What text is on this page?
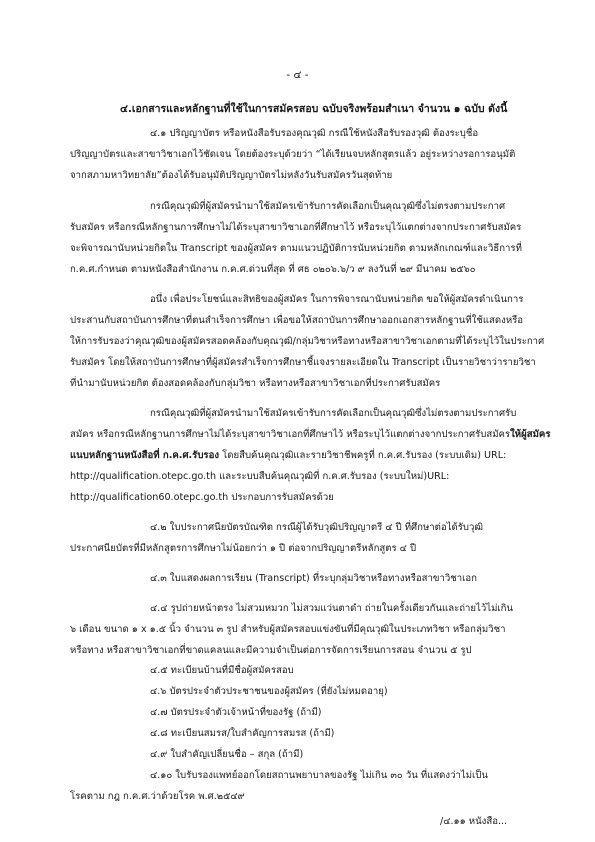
- ๔ -
๔.เอกสารและหลักฐานที่ใช้ในการสมัครสอบ ฉบับจริงพร้อมสำเนา จำนวน ๑ ฉบับ ดังนี้
๔.๑ ปริญญาบัตร หรือหนังสือรับรองคุณวุฒิ กรณีใช้หนังสือรับรองวุฒิ ต้องระบุชื่อ
ปริญญาบัตรและสาขาวิชาเอกไว้ชัดเจน โดยต้องระบุด้วยว่า “ได้เรียนจบหลักสูตรแล้ว อยู่ระหว่างรอการอนุมัติ
จากสภามหาวิทยาลัย”ต้องได้รับอนุมัติปริญญาบัตรไม่หลังวันรับสมัครวันสุดท้าย
กรณีคุณวุฒิที่ผู้สมัครนำมาใช้สมัครเข้ารับการคัดเลือกเป็นคุณวุฒิซึ่งไม่ตรงตามประกาศ
รับสมัคร หรือกรณีหลักฐานการศึกษาไม่ได้ระบุสาขาวิชาเอกที่ศึกษาไว้ หรือระบุไว้แตกต่างจากประกาศรับสมัคร
จะพิจารณานับหน่วยกิตใน Transcript ของผู้สมัคร ตามแนวปฏิบัติการนับหน่วยกิต ตามหลักเกณฑ์และวิธีการที่
ก.ค.ศ.กำหนด ตามหนังสือสำนักงาน ก.ค.ศ.ด่วนที่สุด ที่ ศธ ๐๒๐๖.๖/ว ๙ ลงวันที่ ๒๙ มีนาคม ๒๕๖๐
อนึ่ง เพื่อประโยชน์และสิทธิของผู้สมัคร ในการพิจารณานับหน่วยกิต ขอให้ผู้สมัครดำเนินการ
ประสานกับสถาบันการศึกษาที่ตนสำเร็จการศึกษา เพื่อขอให้สถาบันการศึกษาออกเอกสารหลักฐานที่ใช้แสดงหรือ
ให้การรับรองว่าคุณวุฒิของผู้สมัครสอดคล้องกับคุณวุฒิ/กลุ่มวิชาหรือทางหรือสาขาวิชาเอกตามที่ได้ระบุไว้ในประกาศ
รับสมัคร โดยให้สถาบันการศึกษาที่ผู้สมัครสำเร็จการศึกษาชี้แจงรายละเอียดใน Transcript เป็นรายวิชาว่ารายวิชา
ที่นำมานับหน่วยกิต ต้องสอดคล้องกับกลุ่มวิชา หรือทางหรือสาขาวิชาเอกที่ประกาศรับสมัคร
กรณีคุณวุฒิที่ผู้สมัครนำมาใช้สมัครเข้ารับการคัดเลือกเป็นคุณวุฒิซึ่งไม่ตรงตามประกาศรับ
สมัคร หรือกรณีหลักฐานการศึกษาไม่ได้ระบุสาขาวิชาเอกที่ศึกษาไว้ หรือระบุไว้แตกต่างจากประกาศรับสมัครให้ผู้สมัคร
แนบหลักฐานหนังสือที่ ก.ค.ศ.รับรอง โดยสืบค้นคุณวุฒิและรายวิชาชีพครูที่ ก.ค.ศ.รับรอง (ระบบเดิม) URL:
http://qualification.otepc.go.th และระบบสืบค้นคุณวุฒิที่ ก.ค.ศ.รับรอง (ระบบใหม่)URL:
http://qualification60.otepc.go.th ประกอบการรับสมัครด้วย
๔.๒ ใบประกาศนียบัตรบัณฑิต กรณีผู้ได้รับวุฒิปริญญาตรี ๔ ปี ที่ศึกษาต่อได้รับวุฒิ
ประกาศนียบัตรที่มีหลักสูตรการศึกษาไม่น้อยกว่า ๑ ปี ต่อจากปริญญาตรีหลักสูตร ๔ ปี
๔.๓ ใบแสดงผลการเรียน (Transcript) ที่ระบุกลุ่มวิชาหรือทางหรือสาขาวิชาเอก
๔.๔ รูปถ่ายหน้าตรง ไม่สวมหมวก ไม่สวมแว่นตาดำ ถ่ายในครั้งเดียวกันและถ่ายไว้ไม่เกิน
๖ เดือน ขนาด ๑ x ๑.๕ นิ้ว จำนวน ๓ รูป สำหรับผู้สมัครสอบแข่งขันที่มีคุณวุฒิในประเภทวิชา หรือกลุ่มวิชา
หรือทาง หรือสาขาวิชาเอกที่ขาดแคลนและมีความจำเป็นต่อการจัดการเรียนการสอน จำนวน ๕ รูป
๔.๕ ทะเบียนบ้านที่มีชื่อผู้สมัครสอบ
๔.๖ บัตรประจำตัวประชาชนของผู้สมัคร (ที่ยังไม่หมดอายุ)
๔.๗ บัตรประจำตัวเจ้าหน้าที่ของรัฐ (ถ้ามี)
๔.๘ ทะเบียนสมรส/ใบสำคัญการสมรส (ถ้ามี)
๔.๙ ใบสำคัญเปลี่ยนชื่อ – สกุล (ถ้ามี)
๔.๑๐ ใบรับรองแพทย์ออกโดยสถานพยาบาลของรัฐ ไม่เกิน ๓๐ วัน ที่แสดงว่าไม่เป็น
โรคตาม กฎ ก.ค.ศ.ว่าด้วยโรค พ.ศ.๒๕๔๙
/๔.๑๑ หนังสือ...
